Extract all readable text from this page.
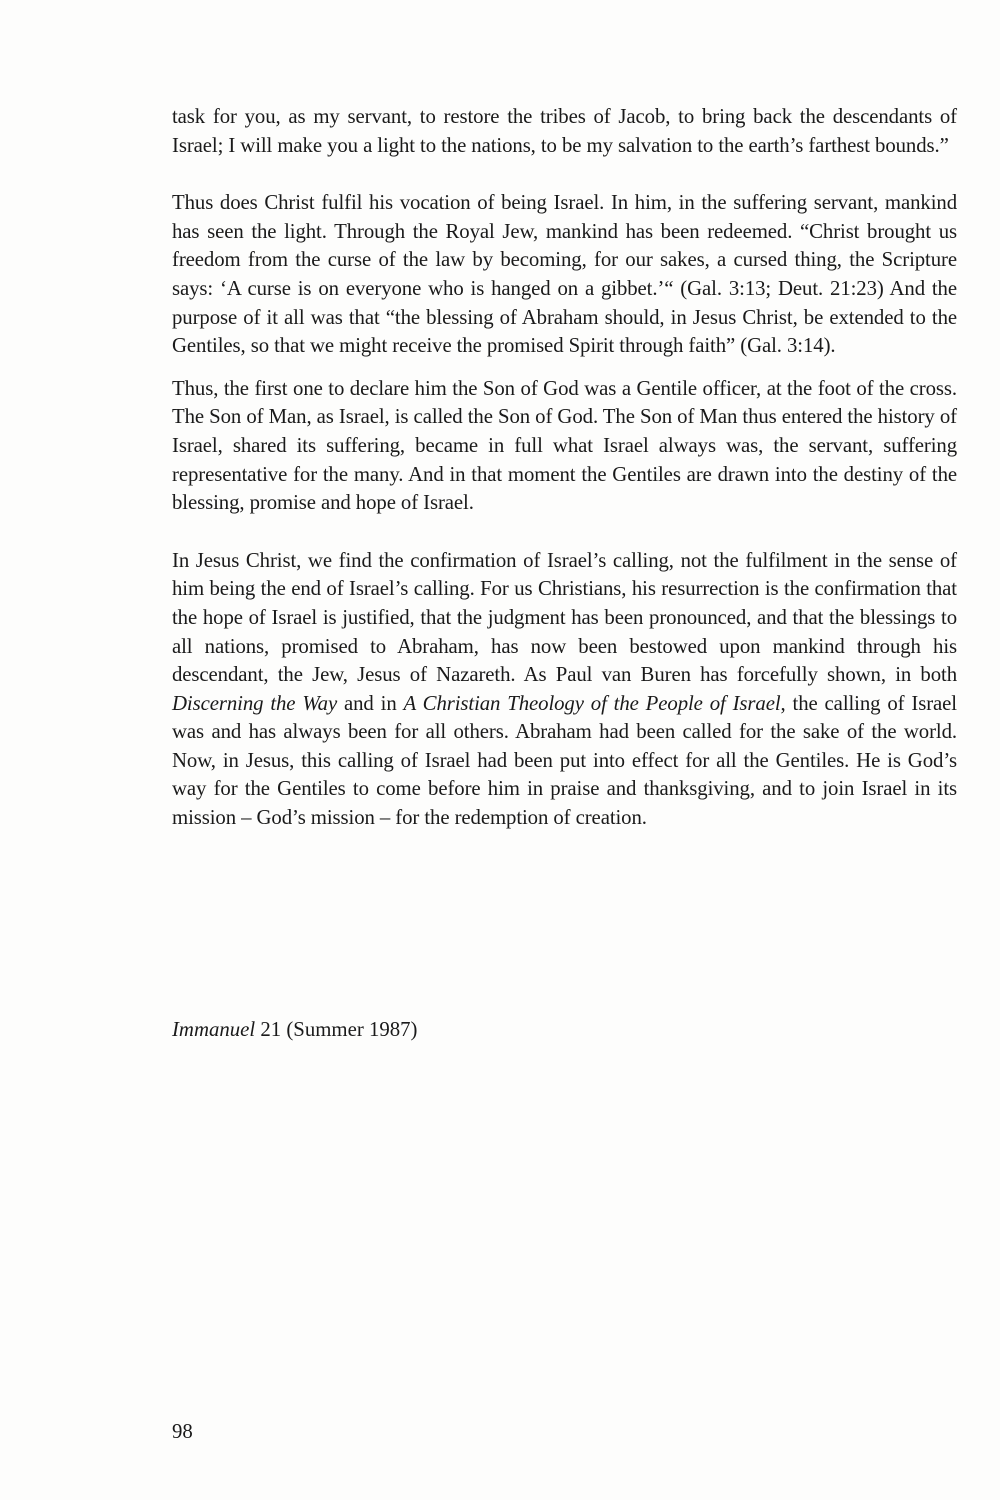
task for you, as my servant, to restore the tribes of Jacob, to bring back the descendants of Israel; I will make you a light to the nations, to be my salvation to the earth’s farthest bounds.”

Thus does Christ fulfil his vocation of being Israel. In him, in the suffering servant, mankind has seen the light. Through the Royal Jew, mankind has been redeemed. “Christ brought us freedom from the curse of the law by becoming, for our sakes, a cursed thing, the Scripture says: ‘A curse is on everyone who is hanged on a gibbet.’“ (Gal. 3:13; Deut. 21:23) And the purpose of it all was that “the blessing of Abraham should, in Jesus Christ, be extended to the Gentiles, so that we might receive the promised Spirit through faith” (Gal. 3:14).

Thus, the first one to declare him the Son of God was a Gentile officer, at the foot of the cross. The Son of Man, as Israel, is called the Son of God. The Son of Man thus entered the history of Israel, shared its suffering, became in full what Israel always was, the servant, suffering representative for the many. And in that moment the Gentiles are drawn into the destiny of the blessing, promise and hope of Israel.

In Jesus Christ, we find the confirmation of Israel’s calling, not the fulfilment in the sense of him being the end of Israel’s calling. For us Christians, his resurrection is the confirmation that the hope of Israel is justified, that the judgment has been pronounced, and that the blessings to all nations, promised to Abraham, has now been bestowed upon mankind through his descendant, the Jew, Jesus of Nazareth. As Paul van Buren has forcefully shown, in both Discerning the Way and in A Christian Theology of the People of Israel, the calling of Israel was and has always been for all others. Abraham had been called for the sake of the world. Now, in Jesus, this calling of Israel had been put into effect for all the Gentiles. He is God’s way for the Gentiles to come before him in praise and thanksgiving, and to join Israel in its mission – God’s mission – for the redemption of creation.

Immanuel 21 (Summer 1987)

98
